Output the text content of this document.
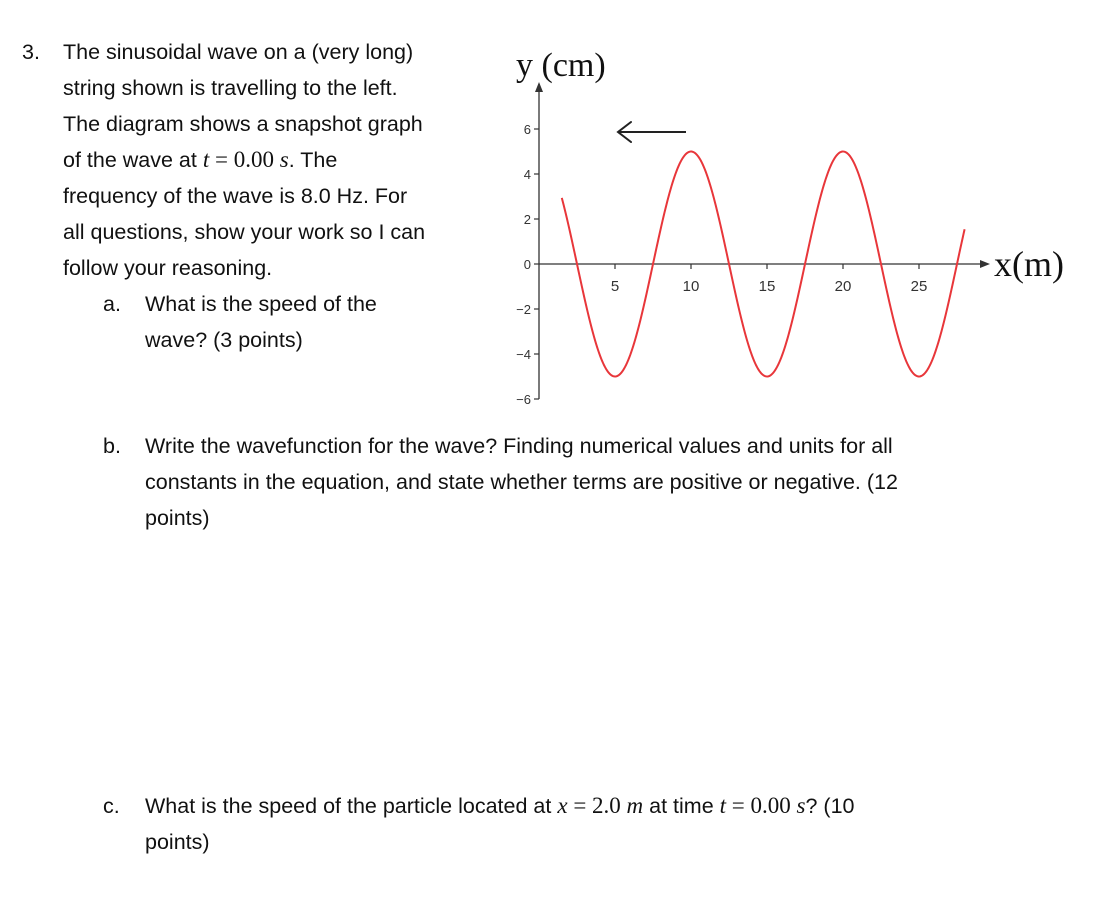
3. The sinusoidal wave on a (very long)
string shown is travelling to the left.
The diagram shows a snapshot graph
of the wave at t = 0.00 s. The
frequency of the wave is 8.0 Hz. For
all questions, show your work so I can
follow your reasoning.
a. What is the speed of the
wave? (3 points)
b. Write the wavefunction for the wave? Finding numerical values and units for all
constants in the equation, and state whether terms are positive or negative. (12
points)
c. What is the speed of the particle located at x = 2.0 m at time t = 0.00 s? (10
points)
6
4
2
0
−2
−4
−6
5	10	15	20	25
y (cm)
x(m)
